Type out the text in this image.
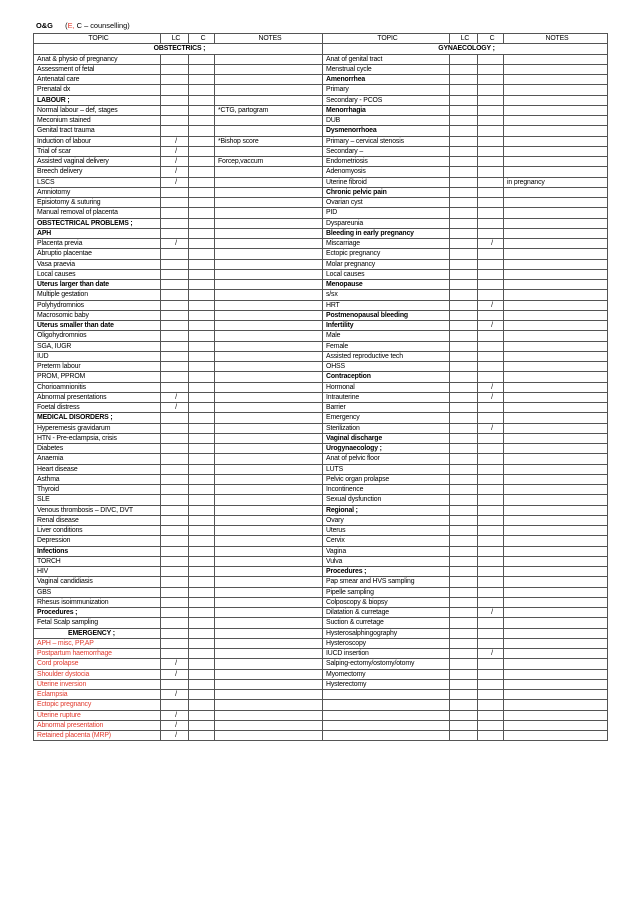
O&G (E, C – counselling)
TOPIC	LC	C	NOTES	TOPIC	LC	C	NOTES
OBSTECTRICS ;				GYNAECOLOGY ;			
Anat & physio of pregnancy				Anat of genital tract			
Assessment of fetal				Menstrual cycle			
Antenatal care				Amenorrhea			
Prenatal dx				Primary			
LABOUR ;				Secondary - PCOS			
Normal labour – def, stages			*CTG, partogram	Menorrhagia			
Meconium stained				DUB			
Genital tract trauma				Dysmenorrhoea			
Induction of labour	/		*Bishop score	Primary – cervical stenosis			
Trial of scar	/			Secondary –			
Assisted vaginal delivery	/		Forcep,vaccum	Endometriosis			
Breech delivery	/			Adenomyosis			
LSCS	/			Uterine fibroid			in pregnancy
Amniotomy				Chronic pelvic pain			
Episiotomy & suturing				Ovarian cyst			
Manual removal of placenta				PID			
OBSTECTRICAL PROBLEMS ;				Dyspareunia			
APH				Bleeding in early pregnancy			
Placenta previa	/			Miscarriage		/	
Abruptio placentae				Ectopic pregnancy			
Vasa praevia				Molar pregnancy			
Local causes				Local causes			
Uterus larger than date				Menopause			
Multiple gestation				s/sx			
Polyhydromnios				HRT		/	
Macrosomic baby				Postmenopausal bleeding			
Uterus smaller than date				Infertility		/	
Oligohydromnios				Male			
SGA, IUGR				Female			
IUD				Assisted reproductive tech			
Preterm labour				OHSS			
PROM, PPROM				Contraception			
Chorioamnionitis				Hormonal		/	
Abnormal presentations	/			Intrauterine		/	
Foetal distress	/			Barrier			
MEDICAL DISORDERS ;				Emergency			
Hyperemesis gravidarum				Sterilization		/	
HTN - Pre-eclampsia, crisis				Vaginal discharge			
Diabetes				Urogynaecology ;			
Anaemia				Anat of pelvic floor			
Heart disease				LUTS			
Asthma				Pelvic organ prolapse			
Thyroid				Incontinence			
SLE				Sexual dysfunction			
Venous thrombosis – DIVC, DVT				Regional ;			
Renal disease				Ovary			
Liver conditions				Uterus			
Depression				Cervix			
Infections				Vagina			
TORCH				Vulva			
HIV				Procedures ;			
Vaginal candidiasis				Pap smear and HVS sampling			
GBS				Pipelle sampling			
Rhesus isoimmunization				Colposcopy & biopsy			
Procedures ;				Dilatation & curretage		/	
Fetal Scalp sampling				Suction & curretage			
EMERGENCY ;				Hysterosalphingography			
APH – misc, PP,AP				Hysteroscopy			
Postpartum haemorrhage				IUCD insertion		/	
Cord prolapse	/			Salping-ectomy/ostomy/otomy			
Shoulder dystocia	/			Myomectomy			
Uterine inversion				Hysterectomy			
Eclampsia	/						
Ectopic pregnancy							
Uterine rupture	/						
Abnormal presentation	/						
Retained placenta (MRP)	/						
